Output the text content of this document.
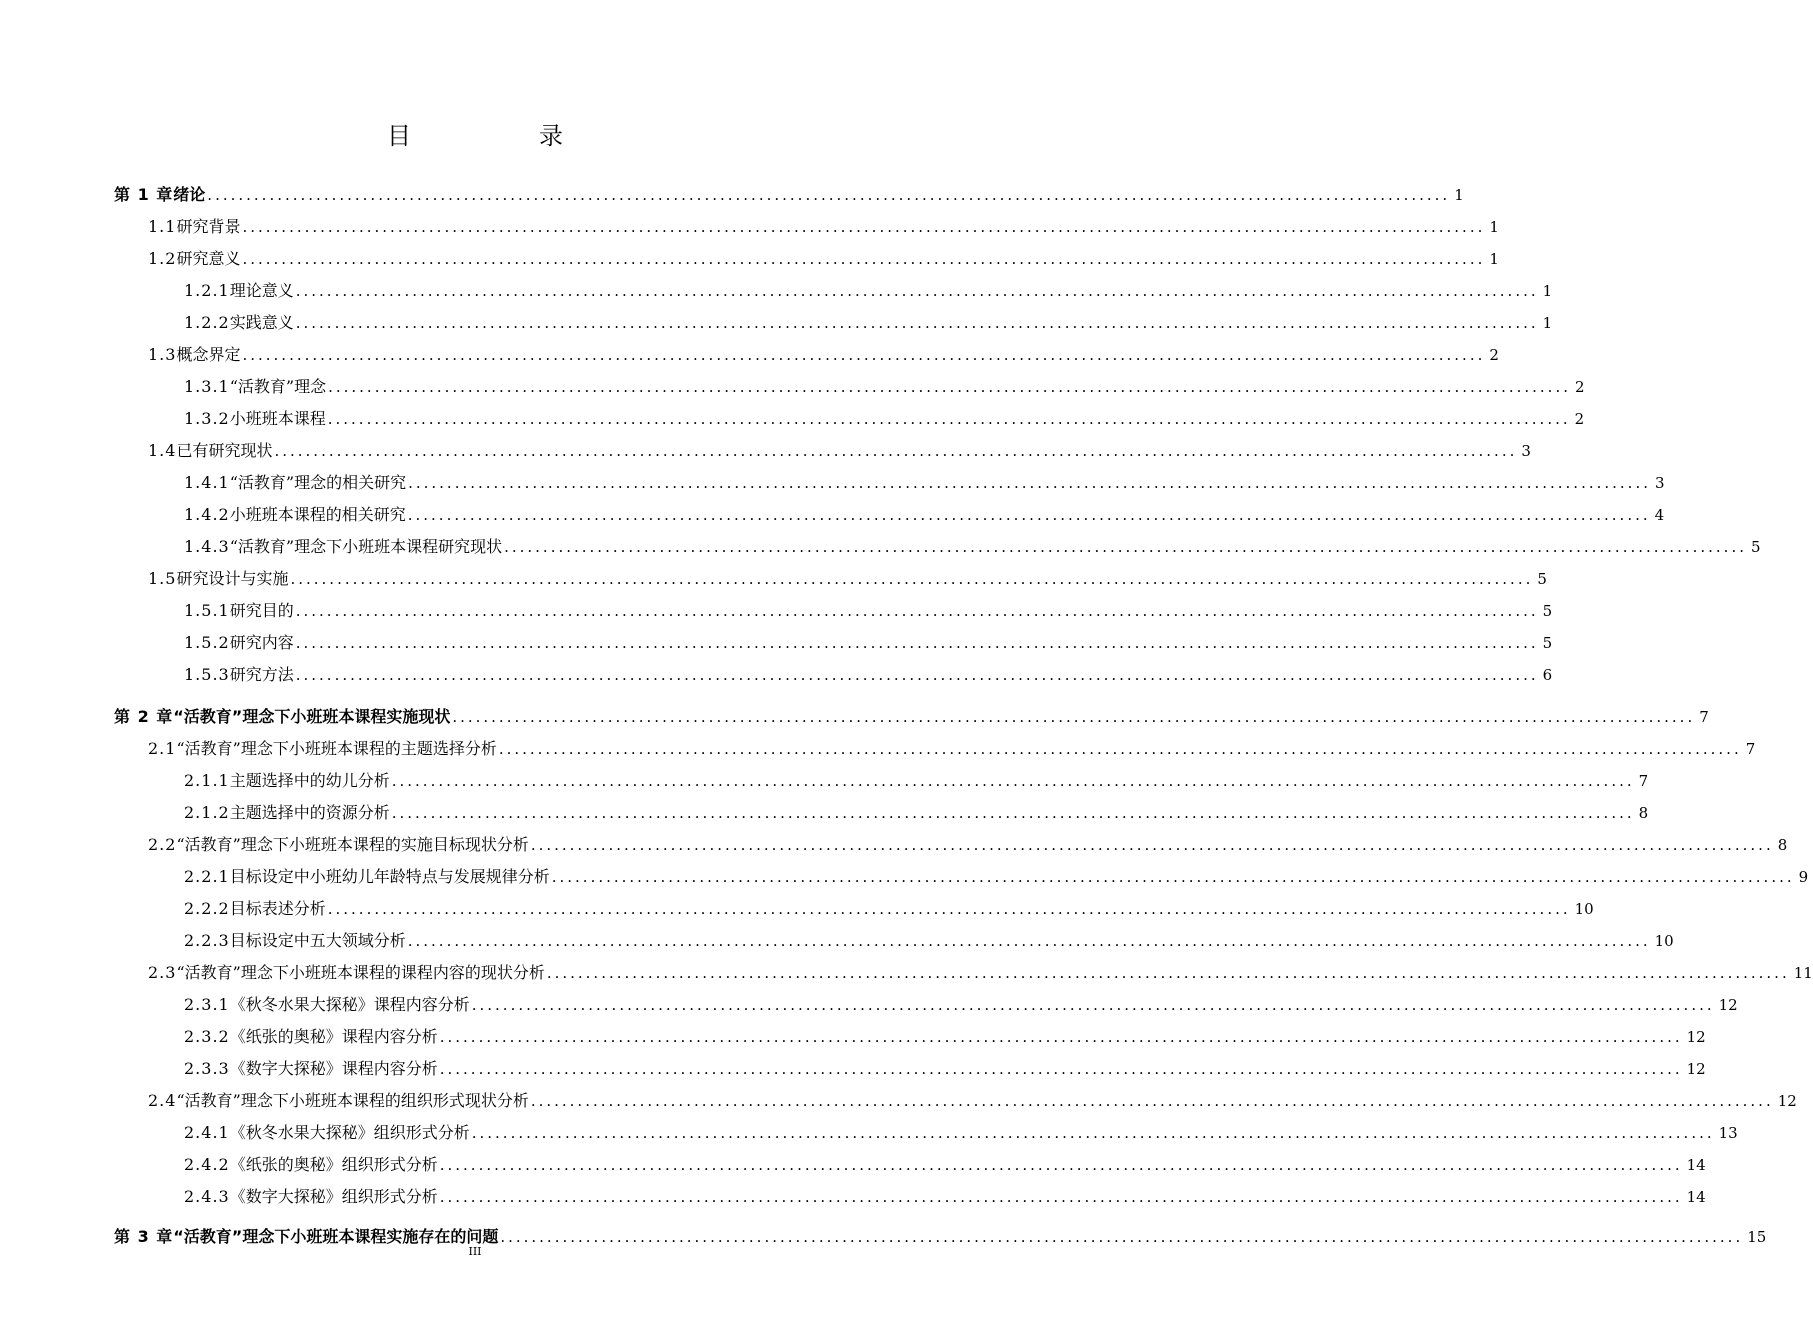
目　录
第 1 章 绪论 ................................................................................................................................................................ 1
1.1 研究背景 ................................................................................................................................................................ 1
1.2 研究意义 ................................................................................................................................................................ 1
1.2.1 理论意义 ................................................................................................................................................................ 1
1.2.2 实践意义 ................................................................................................................................................................ 1
1.3 概念界定 ................................................................................................................................................................ 2
1.3.1 “活教育”理念 ................................................................................................................................................................ 2
1.3.2 小班班本课程 ................................................................................................................................................................ 2
1.4 已有研究现状 ................................................................................................................................................................ 3
1.4.1 “活教育”理念的相关研究 ................................................................................................................................................................ 3
1.4.2 小班班本课程的相关研究 ................................................................................................................................................................ 4
1.4.3 “活教育”理念下小班班本课程研究现状 ................................................................................................................................................................ 5
1.5 研究设计与实施 ................................................................................................................................................................ 5
1.5.1 研究目的 ................................................................................................................................................................ 5
1.5.2 研究内容 ................................................................................................................................................................ 5
1.5.3 研究方法 ................................................................................................................................................................ 6
第 2 章 “活教育”理念下小班班本课程实施现状 ................................................................................................................................................................ 7
2.1 “活教育”理念下小班班本课程的主题选择分析 ................................................................................................................................................................ 7
2.1.1 主题选择中的幼儿分析 ................................................................................................................................................................ 7
2.1.2 主题选择中的资源分析 ................................................................................................................................................................ 8
2.2 “活教育”理念下小班班本课程的实施目标现状分析 ................................................................................................................................................................ 8
2.2.1 目标设定中小班幼儿年龄特点与发展规律分析 ................................................................................................................................................................ 9
2.2.2 目标表述分析 ................................................................................................................................................................ 10
2.2.3 目标设定中五大领域分析 ................................................................................................................................................................ 10
2.3 “活教育”理念下小班班本课程的课程内容的现状分析 ................................................................................................................................................................ 11
2.3.1 《秋冬水果大探秘》课程内容分析 ................................................................................................................................................................ 12
2.3.2 《纸张的奥秘》课程内容分析 ................................................................................................................................................................ 12
2.3.3 《数字大探秘》课程内容分析 ................................................................................................................................................................ 12
2.4 “活教育”理念下小班班本课程的组织形式现状分析 ................................................................................................................................................................ 12
2.4.1 《秋冬水果大探秘》组织形式分析 ................................................................................................................................................................ 13
2.4.2 《纸张的奥秘》组织形式分析 ................................................................................................................................................................ 14
2.4.3 《数字大探秘》组织形式分析 ................................................................................................................................................................ 14
第 3 章 “活教育”理念下小班班本课程实施存在的问题 ................................................................................................................................................................ 15
III
